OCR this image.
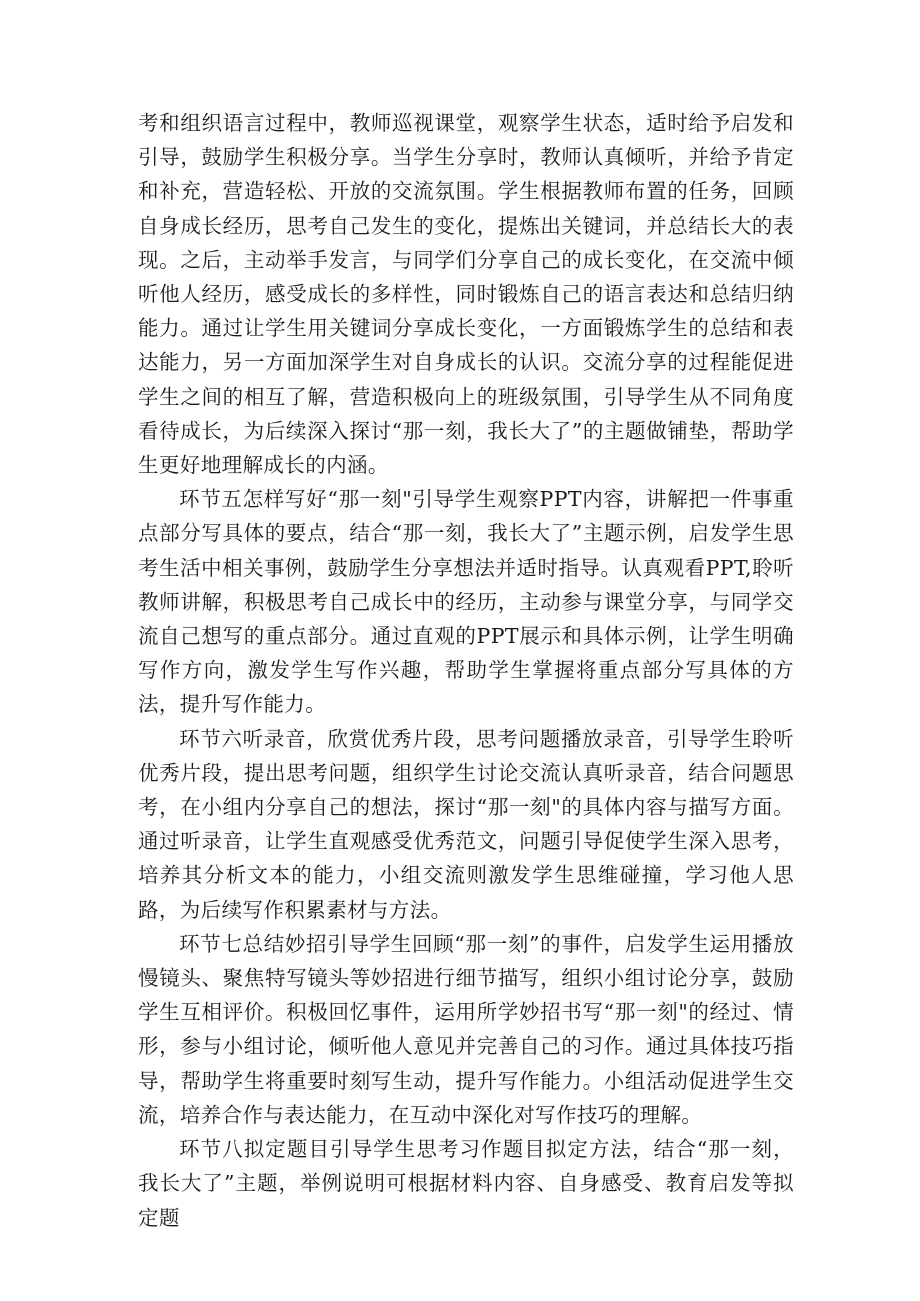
考和组织语言过程中，教师巡视课堂，观察学生状态，适时给予启发和引导，鼓励学生积极分享。当学生分享时，教师认真倾听，并给予肯定和补充，营造轻松、开放的交流氛围。学生根据教师布置的任务，回顾自身成长经历，思考自己发生的变化，提炼出关键词，并总结长大的表现。之后，主动举手发言，与同学们分享自己的成长变化，在交流中倾听他人经历，感受成长的多样性，同时锻炼自己的语言表达和总结归纳能力。通过让学生用关键词分享成长变化，一方面锻炼学生的总结和表达能力，另一方面加深学生对自身成长的认识。交流分享的过程能促进学生之间的相互了解，营造积极向上的班级氛围，引导学生从不同角度看待成长，为后续深入探讨“那一刻，我长大了”的主题做铺垫，帮助学生更好地理解成长的内涵。

环节五怎样写好“那一刻"引导学生观察PPT内容，讲解把一件事重点部分写具体的要点，结合“那一刻，我长大了”主题示例，启发学生思考生活中相关事例，鼓励学生分享想法并适时指导。认真观看PPT,聆听教师讲解，积极思考自己成长中的经历，主动参与课堂分享，与同学交流自己想写的重点部分。通过直观的PPT展示和具体示例，让学生明确写作方向，激发学生写作兴趣，帮助学生掌握将重点部分写具体的方法，提升写作能力。

环节六听录音，欣赏优秀片段，思考问题播放录音，引导学生聆听优秀片段，提出思考问题，组织学生讨论交流认真听录音，结合问题思考，在小组内分享自己的想法，探讨“那一刻"的具体内容与描写方面。通过听录音，让学生直观感受优秀范文，问题引导促使学生深入思考，培养其分析文本的能力，小组交流则激发学生思维碰撞，学习他人思路，为后续写作积累素材与方法。

环节七总结妙招引导学生回顾“那一刻”的事件，启发学生运用播放慢镜头、聚焦特写镜头等妙招进行细节描写，组织小组讨论分享，鼓励学生互相评价。积极回忆事件，运用所学妙招书写“那一刻"的经过、情形，参与小组讨论，倾听他人意见并完善自己的习作。通过具体技巧指导，帮助学生将重要时刻写生动，提升写作能力。小组活动促进学生交流，培养合作与表达能力，在互动中深化对写作技巧的理解。

环节八拟定题目引导学生思考习作题目拟定方法，结合“那一刻，我长大了”主题，举例说明可根据材料内容、自身感受、教育启发等拟定题
